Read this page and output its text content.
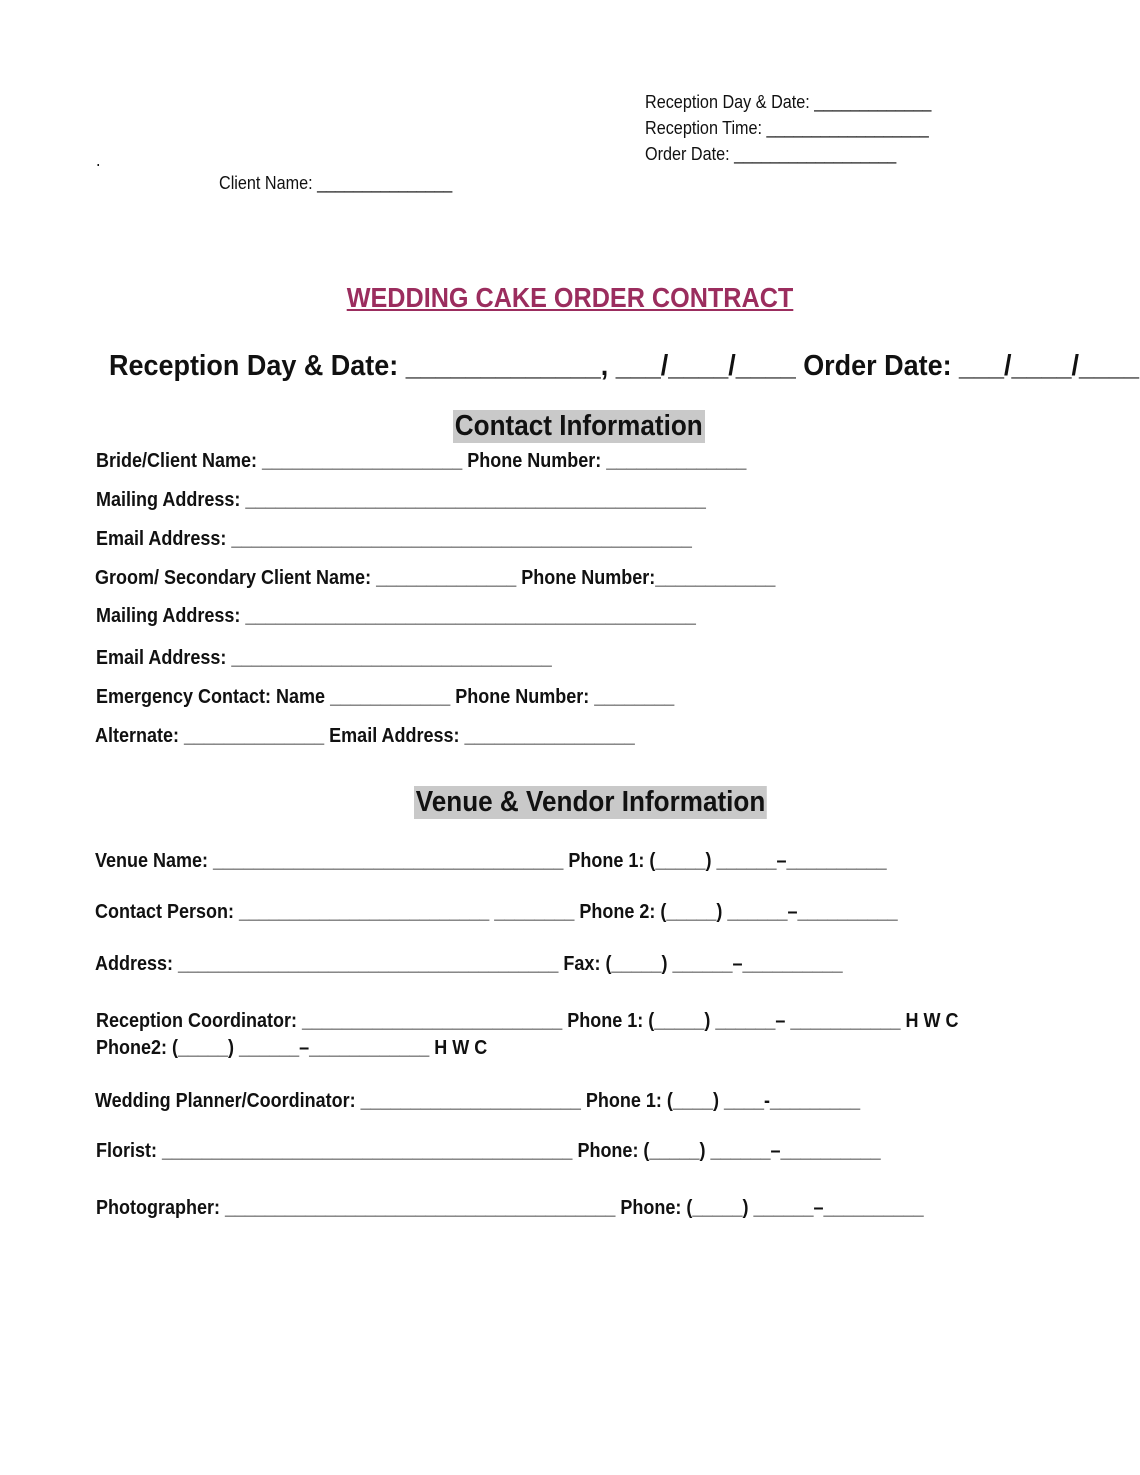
Reception Day & Date: _____________
Reception Time: __________________
Order Date: __________________
.
Client Name: _______________
WEDDING CAKE ORDER CONTRACT
Reception Day & Date: _____________, ___/____/____ Order Date: ___/____/____
Contact Information
Bride/Client Name: ____________________ Phone Number: ______________
Mailing Address: ______________________________________________
Email Address: ______________________________________________
Groom/ Secondary Client Name: ______________ Phone Number:____________
Mailing Address: _____________________________________________
Email Address: ________________________________
Emergency Contact: Name ____________ Phone Number: ________
Alternate: ______________ Email Address: _________________
Venue & Vendor Information
Venue Name: ___________________________________ Phone 1: (_____) ______–__________
Contact Person: _________________________ ________ Phone 2: (_____) ______–__________
Address: ______________________________________ Fax: (_____) ______–__________
Reception Coordinator: __________________________ Phone 1: (_____) ______– ___________ H W C
Phone2: (_____) ______–____________ H W C
Wedding Planner/Coordinator: ______________________ Phone 1: (____) ____-_________
Florist: _________________________________________ Phone: (_____) ______–__________
Photographer: _______________________________________ Phone: (_____) ______–__________
